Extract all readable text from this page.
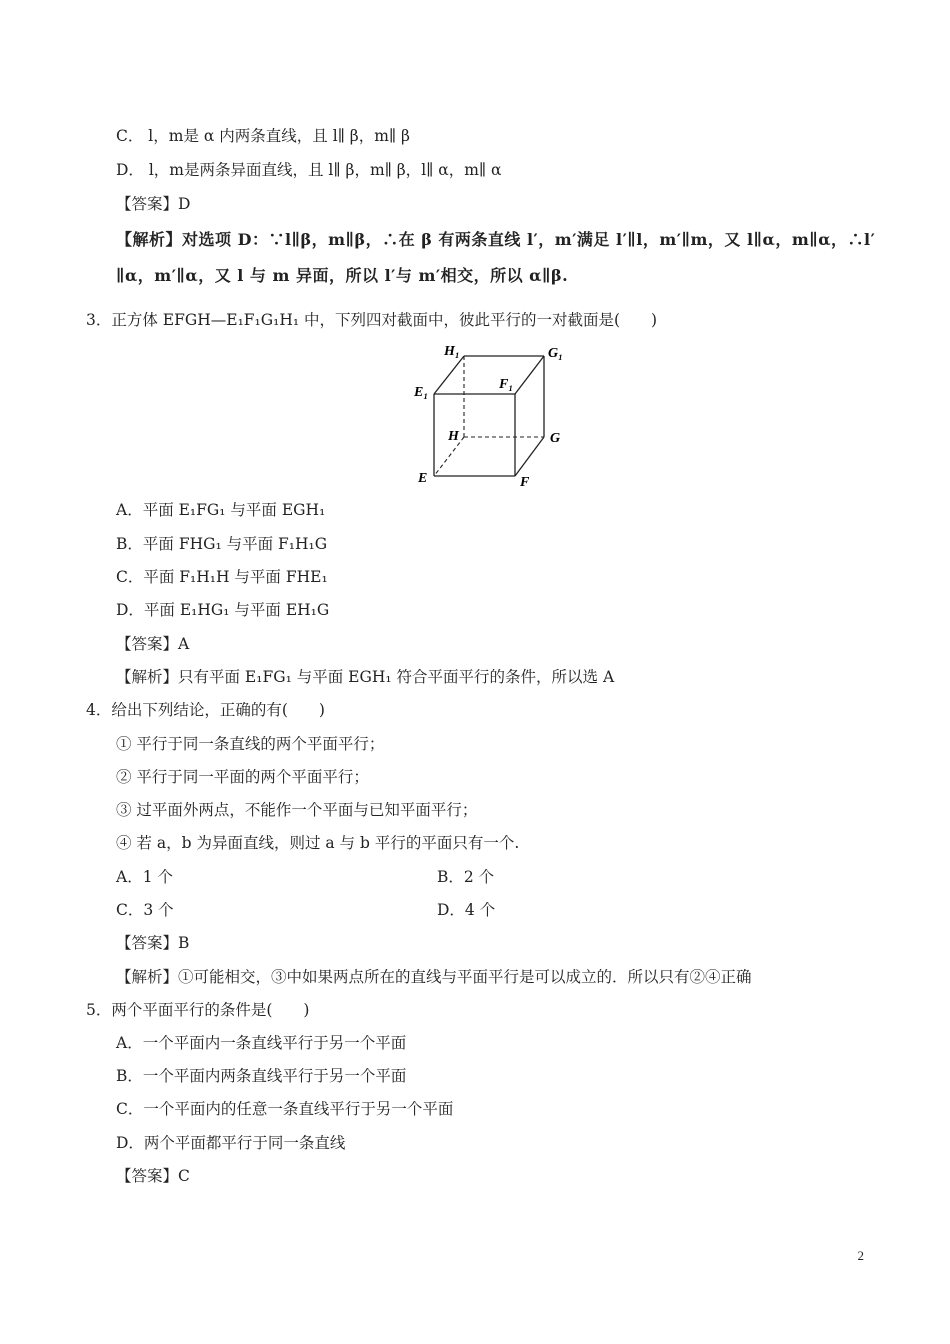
C． l，m是 α 内两条直线，且 l∥ β，m∥ β
D． l，m是两条异面直线，且 l∥ β，m∥ β，l∥ α，m∥ α
【答案】D
【解析】对选项 D：∵l∥β，m∥β，∴在 β 有两条直线 l′，m′满足 l′∥l，m′∥m，又 l∥α，m∥α，∴l′
∥α，m′∥α，又 l 与 m 异面，所以 l′与 m′相交，所以 α∥β.
3．正方体 EFGH—E₁F₁G₁H₁ 中，下列四对截面中，彼此平行的一对截面是(　　)
H₁	G₁
E₁
F₁
H	G
E	F
A．平面 E₁FG₁ 与平面 EGH₁
B．平面 FHG₁ 与平面 F₁H₁G
C．平面 F₁H₁H 与平面 FHE₁
D．平面 E₁HG₁ 与平面 EH₁G
【答案】A
【解析】只有平面 E₁FG₁ 与平面 EGH₁ 符合平面平行的条件，所以选 A
4．给出下列结论，正确的有(　　)
① 平行于同一条直线的两个平面平行；
② 平行于同一平面的两个平面平行；
③ 过平面外两点，不能作一个平面与已知平面平行；
④ 若 a，b 为异面直线，则过 a 与 b 平行的平面只有一个.
A．1 个	B．2 个
C．3 个	D．4 个
【答案】B
【解析】①可能相交，③中如果两点所在的直线与平面平行是可以成立的．所以只有②④正确
5．两个平面平行的条件是(　　)
A．一个平面内一条直线平行于另一个平面
B．一个平面内两条直线平行于另一个平面
C．一个平面内的任意一条直线平行于另一个平面
D．两个平面都平行于同一条直线
【答案】C
2
